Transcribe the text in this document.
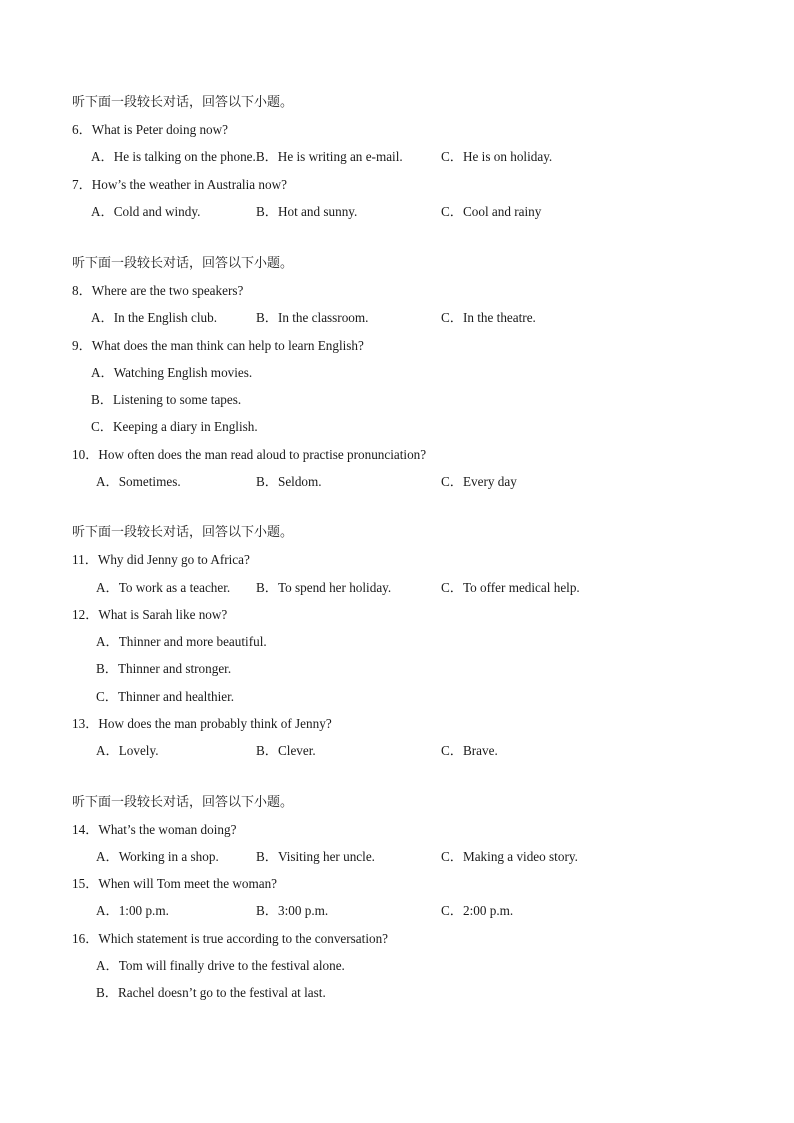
听下面一段较长对话，回答以下小题。
6．What is Peter doing now?
A．He is talking on the phone.B．He is writing an e-mail.	C．He is on holiday.
7．How’s the weather in Australia now?
A．Cold and windy.	B．Hot and sunny.	C．Cool and rainy
听下面一段较长对话，回答以下小题。
8．Where are the two speakers?
A．In the English club.	B．In the classroom.	C．In the theatre.
9．What does the man think can help to learn English?
A．Watching English movies.
B．Listening to some tapes.
C．Keeping a diary in English.
10．How often does the man read aloud to practise pronunciation?
A．Sometimes.	B．Seldom.	C．Every day
听下面一段较长对话，回答以下小题。
11．Why did Jenny go to Africa?
A．To work as a teacher. B．To spend her holiday.	C．To offer medical help.
12．What is Sarah like now?
A．Thinner and more beautiful.
B．Thinner and stronger.
C．Thinner and healthier.
13．How does the man probably think of Jenny?
A．Lovely.	B．Clever.	C．Brave.
听下面一段较长对话，回答以下小题。
14．What’s the woman doing?
A．Working in a shop.	B．Visiting her uncle.	C．Making a video story.
15．When will Tom meet the woman?
A．1:00 p.m.	B．3:00 p.m.	C．2:00 p.m.
16．Which statement is true according to the conversation?
A．Tom will finally drive to the festival alone.
B．Rachel doesn’t go to the festival at last.
